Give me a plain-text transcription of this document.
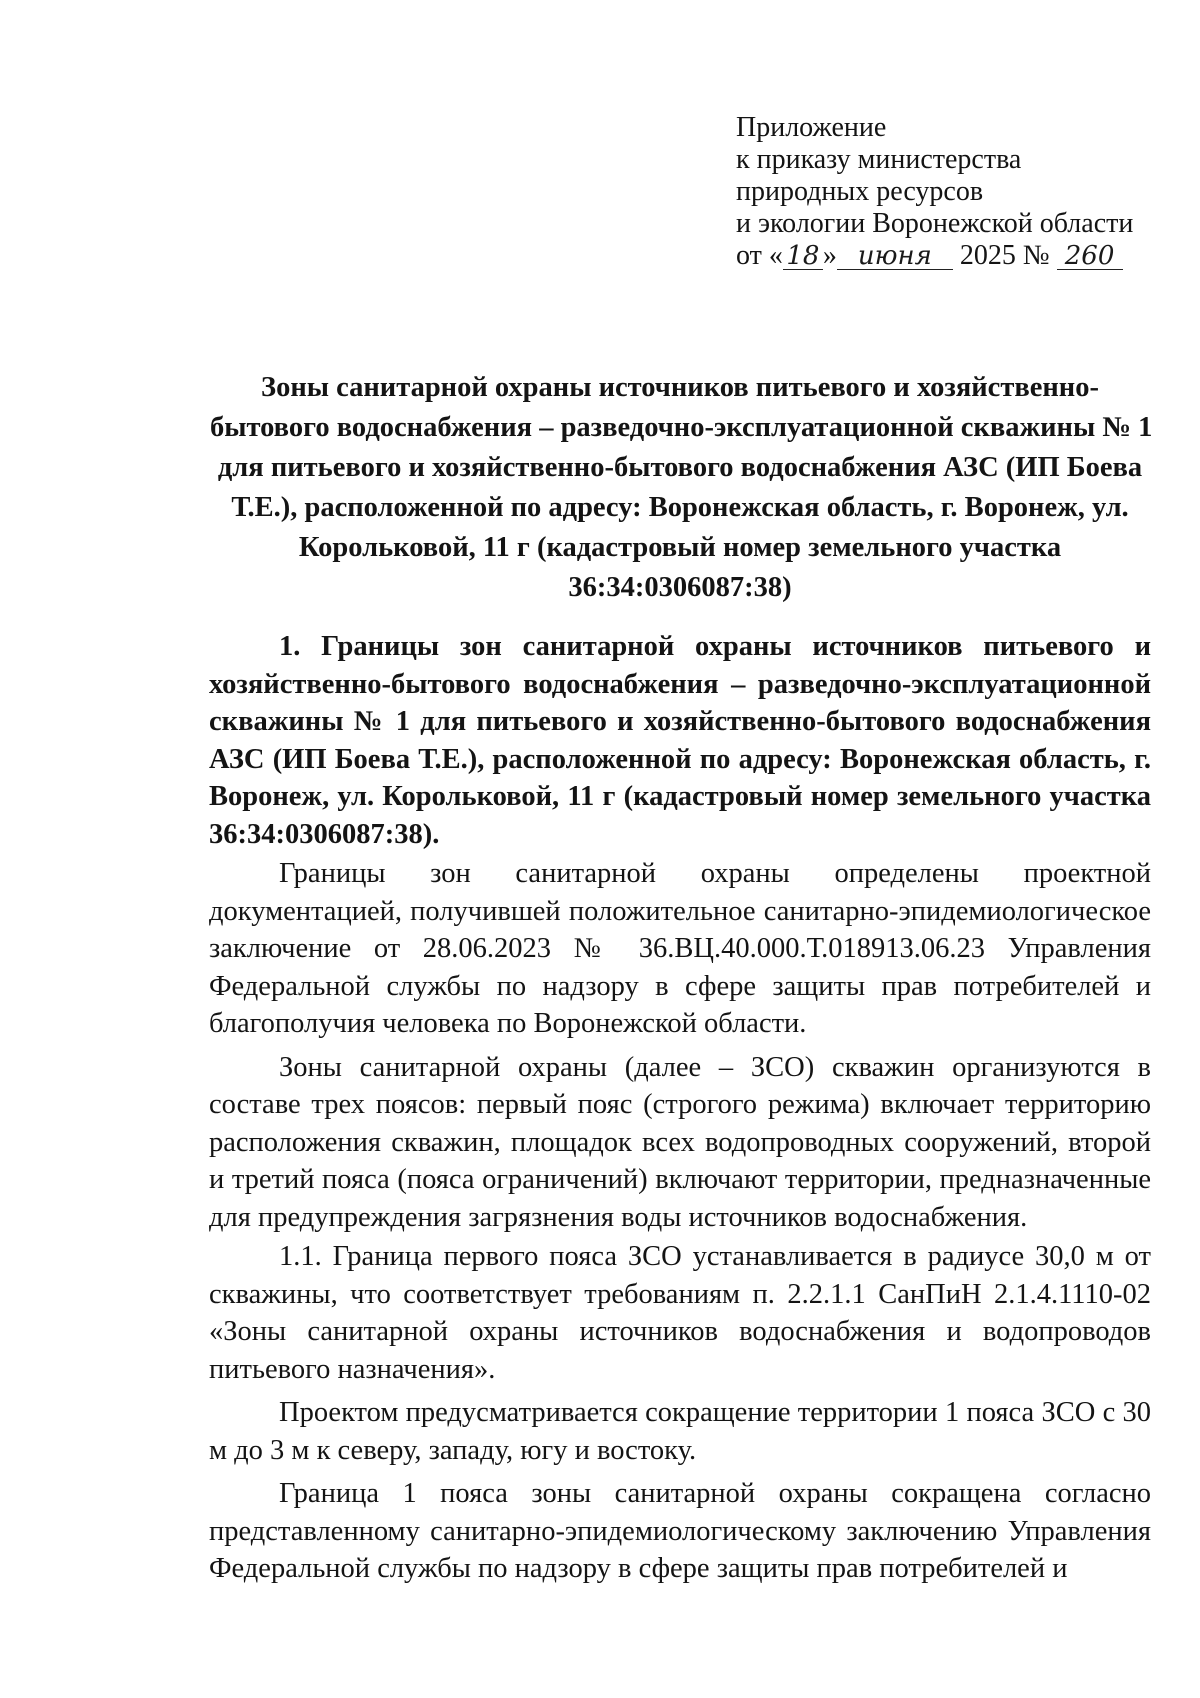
Приложение
к приказу министерства
природных ресурсов
и экологии Воронежской области
от « 18 » июня 2025 № 260
Зоны санитарной охраны источников питьевого и хозяйственно-
бытового водоснабжения – разведочно-эксплуатационной скважины № 1
для питьевого и хозяйственно-бытового водоснабжения АЗС (ИП Боева
Т.Е.), расположенной по адресу: Воронежская область, г. Воронеж, ул.
Корольковой, 11 г (кадастровый номер земельного участка
36:34:0306087:38)

1. Границы зон санитарной охраны источников питьевого и хозяйственно-бытового водоснабжения – разведочно-эксплуатационной скважины № 1 для питьевого и хозяйственно-бытового водоснабжения АЗС (ИП Боева Т.Е.), расположенной по адресу: Воронежская область, г. Воронеж, ул. Корольковой, 11 г (кадастровый номер земельного участка 36:34:0306087:38).

Границы зон санитарной охраны определены проектной документацией, получившей положительное санитарно-эпидемиологическое заключение от 28.06.2023 № 36.ВЦ.40.000.Т.018913.06.23 Управления Федеральной службы по надзору в сфере защиты прав потребителей и благополучия человека по Воронежской области.

Зоны санитарной охраны (далее – ЗСО) скважин организуются в составе трех поясов: первый пояс (строгого режима) включает территорию расположения скважин, площадок всех водопроводных сооружений, второй и третий пояса (пояса ограничений) включают территории, предназначенные для предупреждения загрязнения воды источников водоснабжения.

1.1. Граница первого пояса ЗСО устанавливается в радиусе 30,0 м от скважины, что соответствует требованиям п. 2.2.1.1 СанПиН 2.1.4.1110-02 «Зоны санитарной охраны источников водоснабжения и водопроводов питьевого назначения».

Проектом предусматривается сокращение территории 1 пояса ЗСО с 30 м до 3 м к северу, западу, югу и востоку.

Граница 1 пояса зоны санитарной охраны сокращена согласно представленному санитарно-эпидемиологическому заключению Управления Федеральной службы по надзору в сфере защиты прав потребителей и
